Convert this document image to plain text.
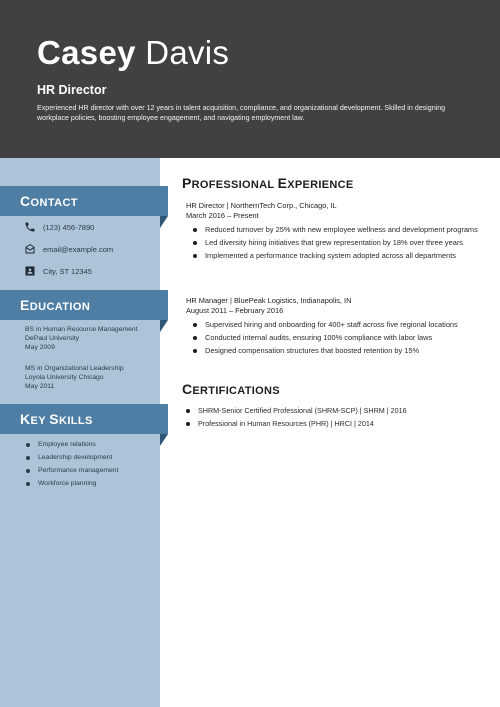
Casey Davis
HR Director
Experienced HR director with over 12 years in talent acquisition, compliance, and organizational development. Skilled in designing workplace policies, boosting employee engagement, and navigating employment law.
CONTACT
(123) 456-7890
email@example.com
City, ST 12345
EDUCATION
BS in Human Resource Management
DePaul University
May 2009
MS in Organizational Leadership
Loyola University Chicago
May 2011
KEY SKILLS
Employee relations
Leadership development
Performance management
Workforce planning
PROFESSIONAL EXPERIENCE
HR Director | NorthernTech Corp., Chicago, IL
March 2016 – Present
Reduced turnover by 25% with new employee wellness and development programs
Led diversity hiring initiatives that grew representation by 18% over three years
Implemented a performance tracking system adopted across all departments
HR Manager | BluePeak Logistics, Indianapolis, IN
August 2011 – February 2016
Supervised hiring and onboarding for 400+ staff across five regional locations
Conducted internal audits, ensuring 100% compliance with labor laws
Designed compensation structures that boosted retention by 15%
CERTIFICATIONS
SHRM-Senior Certified Professional (SHRM-SCP) | SHRM | 2016
Professional in Human Resources (PHR) | HRCI | 2014
